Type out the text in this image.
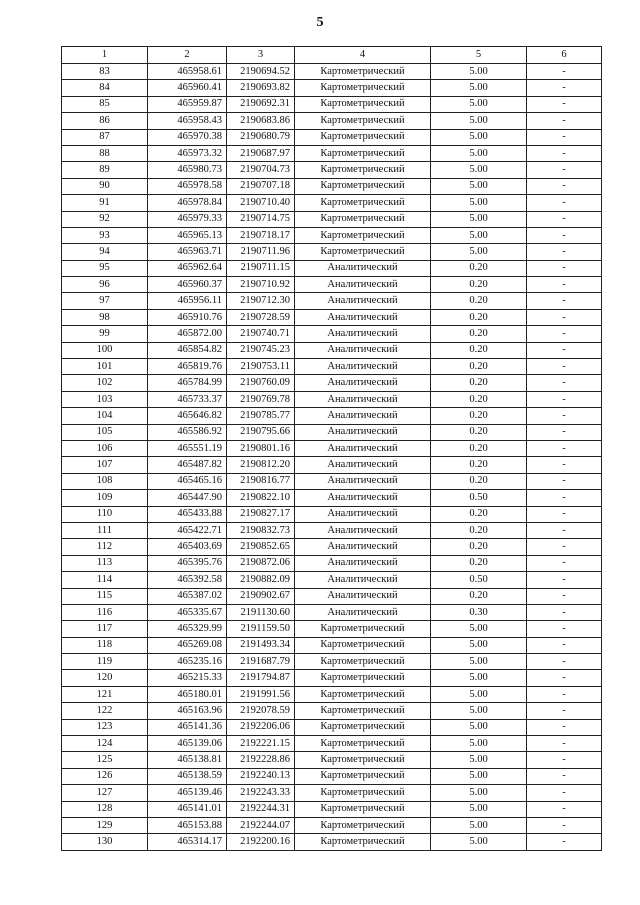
5
1	2	3	4	5	6
83	465958.61	2190694.52	Картометрический	5.00	-
84	465960.41	2190693.82	Картометрический	5.00	-
85	465959.87	2190692.31	Картометрический	5.00	-
86	465958.43	2190683.86	Картометрический	5.00	-
87	465970.38	2190680.79	Картометрический	5.00	-
88	465973.32	2190687.97	Картометрический	5.00	-
89	465980.73	2190704.73	Картометрический	5.00	-
90	465978.58	2190707.18	Картометрический	5.00	-
91	465978.84	2190710.40	Картометрический	5.00	-
92	465979.33	2190714.75	Картометрический	5.00	-
93	465965.13	2190718.17	Картометрический	5.00	-
94	465963.71	2190711.96	Картометрический	5.00	-
95	465962.64	2190711.15	Аналитический	0.20	-
96	465960.37	2190710.92	Аналитический	0.20	-
97	465956.11	2190712.30	Аналитический	0.20	-
98	465910.76	2190728.59	Аналитический	0.20	-
99	465872.00	2190740.71	Аналитический	0.20	-
100	465854.82	2190745.23	Аналитический	0.20	-
101	465819.76	2190753.11	Аналитический	0.20	-
102	465784.99	2190760.09	Аналитический	0.20	-
103	465733.37	2190769.78	Аналитический	0.20	-
104	465646.82	2190785.77	Аналитический	0.20	-
105	465586.92	2190795.66	Аналитический	0.20	-
106	465551.19	2190801.16	Аналитический	0.20	-
107	465487.82	2190812.20	Аналитический	0.20	-
108	465465.16	2190816.77	Аналитический	0.20	-
109	465447.90	2190822.10	Аналитический	0.50	-
110	465433.88	2190827.17	Аналитический	0.20	-
111	465422.71	2190832.73	Аналитический	0.20	-
112	465403.69	2190852.65	Аналитический	0.20	-
113	465395.76	2190872.06	Аналитический	0.20	-
114	465392.58	2190882.09	Аналитический	0.50	-
115	465387.02	2190902.67	Аналитический	0.20	-
116	465335.67	2191130.60	Аналитический	0.30	-
117	465329.99	2191159.50	Картометрический	5.00	-
118	465269.08	2191493.34	Картометрический	5.00	-
119	465235.16	2191687.79	Картометрический	5.00	-
120	465215.33	2191794.87	Картометрический	5.00	-
121	465180.01	2191991.56	Картометрический	5.00	-
122	465163.96	2192078.59	Картометрический	5.00	-
123	465141.36	2192206.06	Картометрический	5.00	-
124	465139.06	2192221.15	Картометрический	5.00	-
125	465138.81	2192228.86	Картометрический	5.00	-
126	465138.59	2192240.13	Картометрический	5.00	-
127	465139.46	2192243.33	Картометрический	5.00	-
128	465141.01	2192244.31	Картометрический	5.00	-
129	465153.88	2192244.07	Картометрический	5.00	-
130	465314.17	2192200.16	Картометрический	5.00	-
